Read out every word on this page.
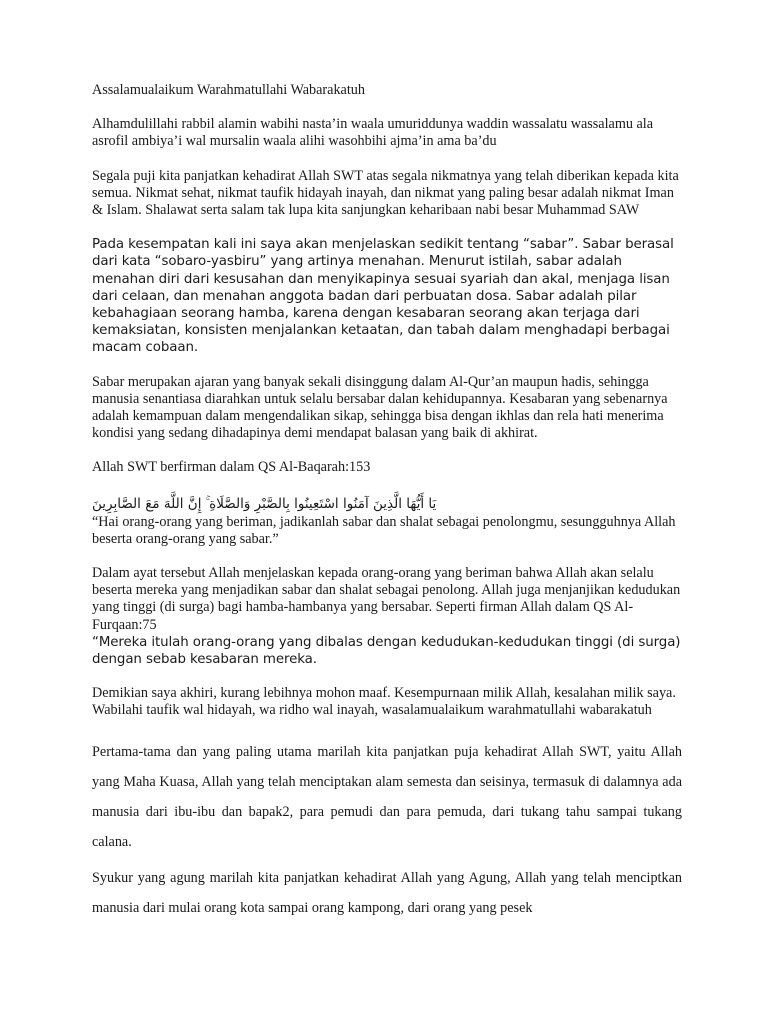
Assalamualaikum Warahmatullahi Wabarakatuh

Alhamdulillahi rabbil alamin wabihi nasta’in waala umuriddunya waddin wassalatu wassalamu ala asrofil ambiya’i wal mursalin waala alihi wasohbihi ajma’in ama ba’du

Segala puji kita panjatkan kehadirat Allah SWT atas segala nikmatnya yang telah diberikan kepada kita semua. Nikmat sehat, nikmat taufik hidayah inayah, dan nikmat yang paling besar adalah nikmat Iman & Islam. Shalawat serta salam tak lupa kita sanjungkan keharibaan nabi besar Muhammad SAW

Pada kesempatan kali ini saya akan menjelaskan sedikit tentang “sabar”. Sabar berasal dari kata “sobaro-yasbiru” yang artinya menahan. Menurut istilah, sabar adalah menahan diri dari kesusahan dan menyikapinya sesuai syariah dan akal, menjaga lisan dari celaan, dan menahan anggota badan dari perbuatan dosa. Sabar adalah pilar kebahagiaan seorang hamba, karena dengan kesabaran seorang akan terjaga dari kemaksiatan, konsisten menjalankan ketaatan, dan tabah dalam menghadapi berbagai macam cobaan.

Sabar merupakan ajaran yang banyak sekali disinggung dalam Al-Qur’an maupun hadis, sehingga manusia senantiasa diarahkan untuk selalu bersabar dalan kehidupannya. Kesabaran yang sebenarnya adalah kemampuan dalam mengendalikan sikap, sehingga bisa dengan ikhlas dan rela hati menerima kondisi yang sedang dihadapinya demi mendapat balasan yang baik di akhirat.

Allah SWT berfirman dalam QS Al-Baqarah:153

يَا أَيُّهَا الَّذِينَ آمَنُوا اسْتَعِينُوا بِالصَّبْرِ وَالصَّلَاةِ ۚ إِنَّ اللَّهَ مَعَ الصَّابِرِينَ

“Hai orang-orang yang beriman, jadikanlah sabar dan shalat sebagai penolongmu, sesungguhnya Allah beserta orang-orang yang sabar.”

Dalam ayat tersebut Allah menjelaskan kepada orang-orang yang beriman bahwa Allah akan selalu beserta mereka yang menjadikan sabar dan shalat sebagai penolong. Allah juga menjanjikan kedudukan yang tinggi (di surga) bagi hamba-hambanya yang bersabar. Seperti firman Allah dalam QS Al-Furqaan:75

“Mereka itulah orang-orang yang dibalas dengan kedudukan-kedudukan tinggi (di surga) dengan sebab kesabaran mereka.

Demikian saya akhiri, kurang lebihnya mohon maaf. Kesempurnaan milik Allah, kesalahan milik saya. Wabilahi taufik wal hidayah, wa ridho wal inayah, wasalamualaikum warahmatullahi wabarakatuh

Pertama-tama dan yang paling utama marilah kita panjatkan puja kehadirat Allah SWT, yaitu Allah yang Maha Kuasa, Allah yang telah menciptakan alam semesta dan seisinya, termasuk di dalamnya ada manusia dari ibu-ibu dan bapak2, para pemudi dan para pemuda, dari tukang tahu sampai tukang calana.

Syukur yang agung marilah kita panjatkan kehadirat Allah yang Agung, Allah yang telah menciptkan manusia dari mulai orang kota sampai orang kampong, dari orang yang pesek
